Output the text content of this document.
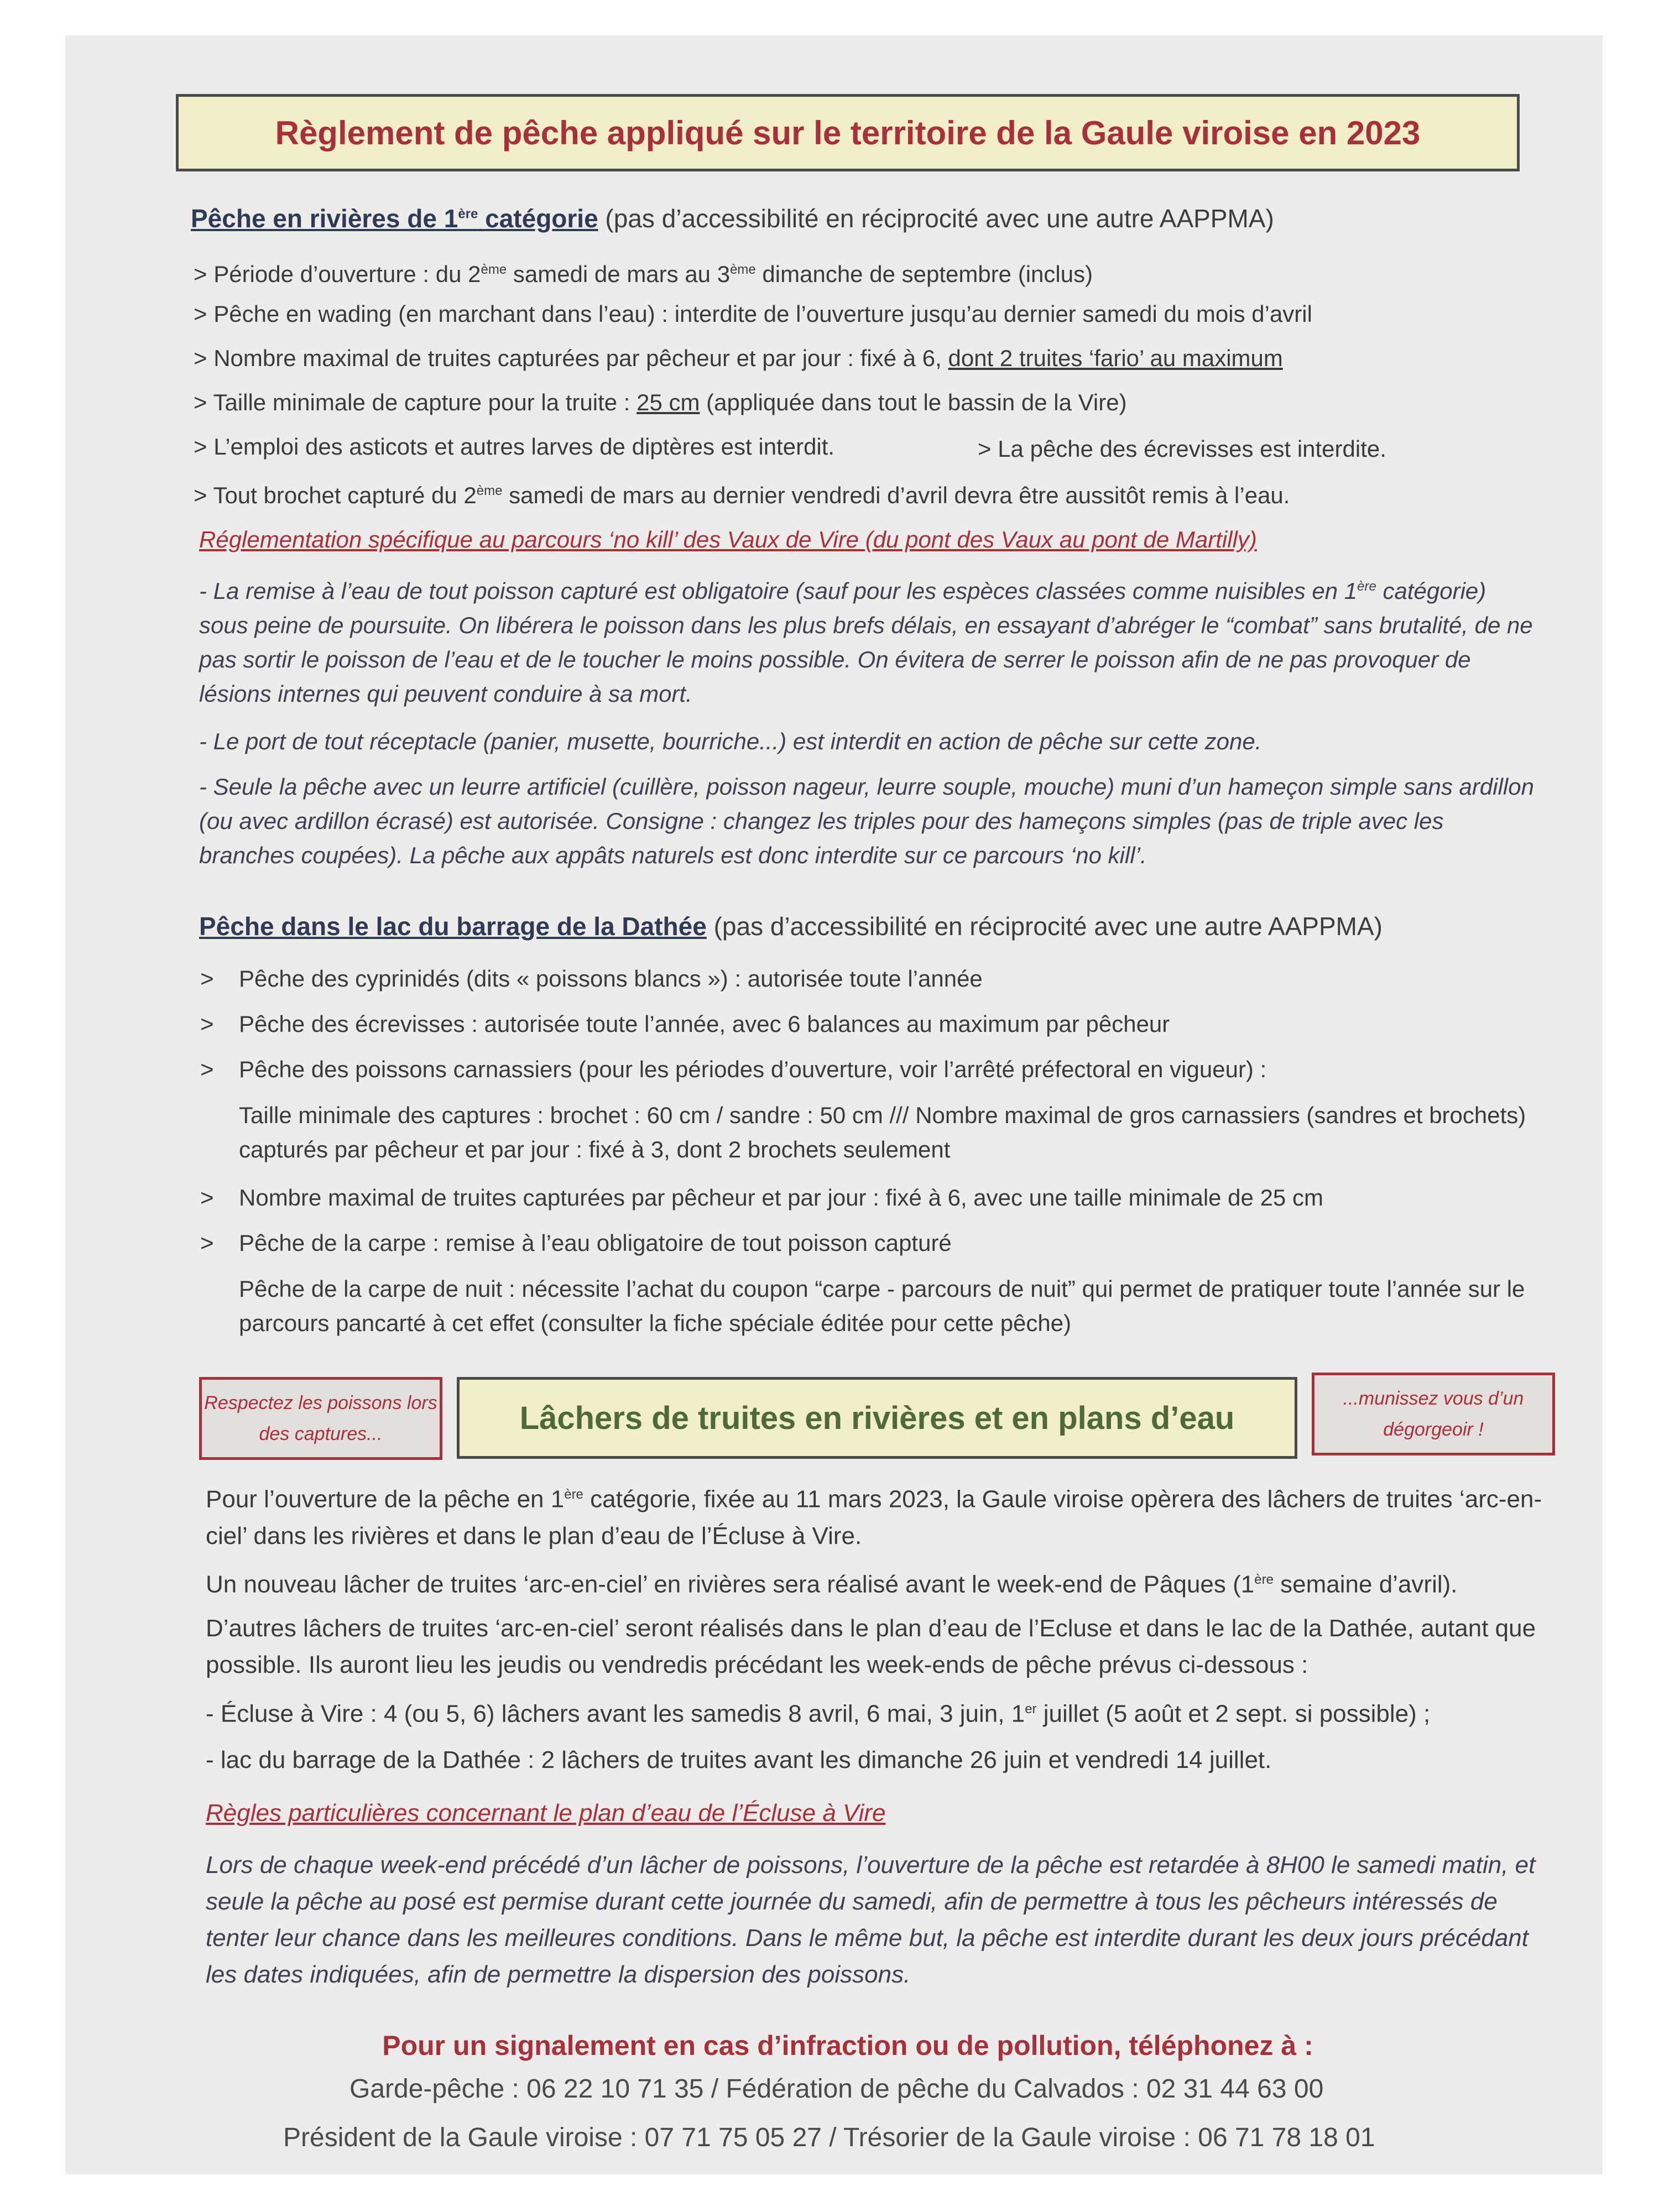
Règlement de pêche appliqué sur le territoire de la Gaule viroise en 2023
Pêche en rivières de 1ère catégorie (pas d’accessibilité en réciprocité avec une autre AAPPMA)
> Période d’ouverture : du 2ème samedi de mars au 3ème dimanche de septembre (inclus)
> Pêche en wading (en marchant dans l’eau) : interdite de l’ouverture jusqu’au dernier samedi du mois d’avril
> Nombre maximal de truites capturées par pêcheur et par jour : fixé à 6, dont 2 truites ‘fario’ au maximum
> Taille minimale de capture pour la truite : 25 cm (appliquée dans tout le bassin de la Vire)
> L’emploi des asticots et autres larves de diptères est interdit.	> La pêche des écrevisses est interdite.
> Tout brochet capturé du 2ème samedi de mars au dernier vendredi d’avril devra être aussitôt remis à l’eau.
Réglementation spécifique au parcours ‘no kill’ des Vaux de Vire (du pont des Vaux au pont de Martilly)
- La remise à l’eau de tout poisson capturé est obligatoire (sauf pour les espèces classées comme nuisibles en 1ère catégorie) sous peine de poursuite. On libérera le poisson dans les plus brefs délais, en essayant d’abréger le “combat” sans brutalité, de ne pas sortir le poisson de l’eau et de le toucher le moins possible. On évitera de serrer le poisson afin de ne pas provoquer de lésions internes qui peuvent conduire à sa mort.
- Le port de tout réceptacle (panier, musette, bourriche...) est interdit en action de pêche sur cette zone.
- Seule la pêche avec un leurre artificiel (cuillère, poisson nageur, leurre souple, mouche) muni d’un hameçon simple sans ardillon (ou avec ardillon écrasé) est autorisée. Consigne : changez les triples pour des hameçons simples (pas de triple avec les branches coupées). La pêche aux appâts naturels est donc interdite sur ce parcours ‘no kill’.
Pêche dans le lac du barrage de la Dathée (pas d’accessibilité en réciprocité avec une autre AAPPMA)
> Pêche des cyprinidés (dits « poissons blancs ») : autorisée toute l’année
> Pêche des écrevisses : autorisée toute l’année, avec 6 balances au maximum par pêcheur
> Pêche des poissons carnassiers (pour les périodes d’ouverture, voir l’arrêté préfectoral en vigueur) :
Taille minimale des captures : brochet : 60 cm / sandre : 50 cm /// Nombre maximal de gros carnassiers (sandres et brochets) capturés par pêcheur et par jour : fixé à 3, dont 2 brochets seulement
> Nombre maximal de truites capturées par pêcheur et par jour : fixé à 6, avec une taille minimale de 25 cm
> Pêche de la carpe : remise à l’eau obligatoire de tout poisson capturé
Pêche de la carpe de nuit : nécessite l’achat du coupon “carpe - parcours de nuit” qui permet de pratiquer toute l’année sur le parcours pancarté à cet effet (consulter la fiche spéciale éditée pour cette pêche)
Respectez les poissons lors des captures...	Lâchers de truites en rivières et en plans d’eau
...munissez vous d’un dégorgeoir !
Pour l’ouverture de la pêche en 1ère catégorie, fixée au 11 mars 2023, la Gaule viroise opèrera des lâchers de truites ‘arc-en-ciel’ dans les rivières et dans le plan d’eau de l’Écluse à Vire.
Un nouveau lâcher de truites ‘arc-en-ciel’ en rivières sera réalisé avant le week-end de Pâques (1ère semaine d’avril).
D’autres lâchers de truites ‘arc-en-ciel’ seront réalisés dans le plan d’eau de l’Ecluse et dans le lac de la Dathée, autant que possible. Ils auront lieu les jeudis ou vendredis précédant les week-ends de pêche prévus ci-dessous :
- Écluse à Vire : 4 (ou 5, 6) lâchers avant les samedis 8 avril, 6 mai, 3 juin, 1er juillet (5 août et 2 sept. si possible) ;
- lac du barrage de la Dathée : 2 lâchers de truites avant les dimanche 26 juin et vendredi 14 juillet.
Règles particulières concernant le plan d’eau de l’Écluse à Vire
Lors de chaque week-end précédé d’un lâcher de poissons, l’ouverture de la pêche est retardée à 8H00 le samedi matin, et seule la pêche au posé est permise durant cette journée du samedi, afin de permettre à tous les pêcheurs intéressés de tenter leur chance dans les meilleures conditions. Dans le même but, la pêche est interdite durant les deux jours précédant les dates indiquées, afin de permettre la dispersion des poissons.
Pour un signalement en cas d’infraction ou de pollution, téléphonez à :
Garde-pêche : 06 22 10 71 35 / Fédération de pêche du Calvados : 02 31 44 63 00
Président de la Gaule viroise : 07 71 75 05 27 / Trésorier de la Gaule viroise : 06 71 78 18 01
